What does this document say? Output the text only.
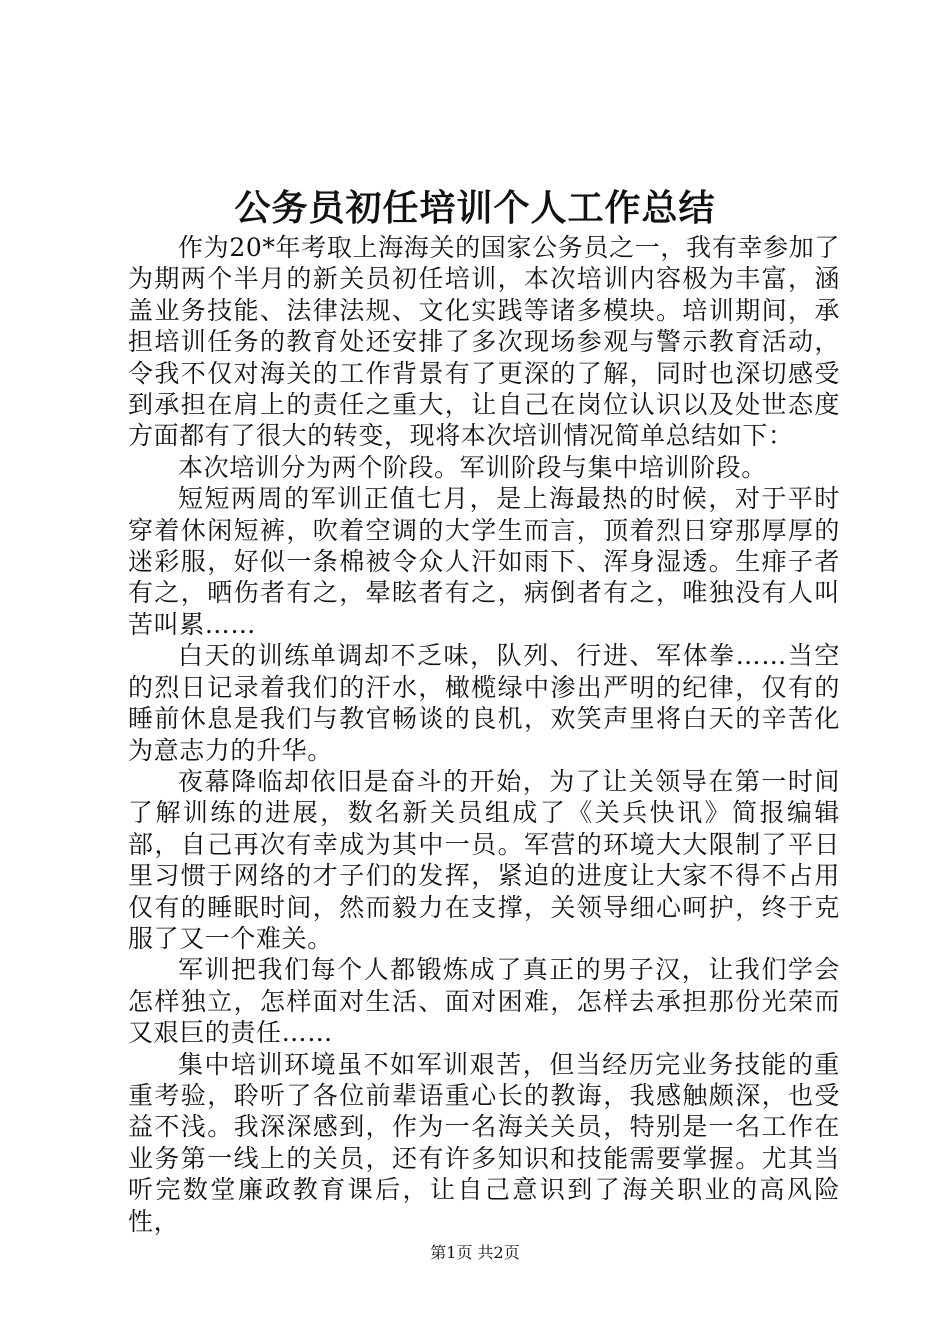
公务员初任培训个人工作总结

作为20*年考取上海海关的国家公务员之一，我有幸参加了为期两个半月的新关员初任培训，本次培训内容极为丰富，涵盖业务技能、法律法规、文化实践等诸多模块。培训期间，承担培训任务的教育处还安排了多次现场参观与警示教育活动，令我不仅对海关的工作背景有了更深的了解，同时也深切感受到承担在肩上的责任之重大，让自己在岗位认识以及处世态度方面都有了很大的转变，现将本次培训情况简单总结如下：

本次培训分为两个阶段。军训阶段与集中培训阶段。

短短两周的军训正值七月，是上海最热的时候，对于平时穿着休闲短裤，吹着空调的大学生而言，顶着烈日穿那厚厚的迷彩服，好似一条棉被令众人汗如雨下、浑身湿透。生痱子者有之，晒伤者有之，晕眩者有之，病倒者有之，唯独没有人叫苦叫累……

白天的训练单调却不乏味，队列、行进、军体拳……当空的烈日记录着我们的汗水，橄榄绿中渗出严明的纪律，仅有的睡前休息是我们与教官畅谈的良机，欢笑声里将白天的辛苦化为意志力的升华。

夜幕降临却依旧是奋斗的开始，为了让关领导在第一时间了解训练的进展，数名新关员组成了《关兵快讯》简报编辑部，自己再次有幸成为其中一员。军营的环境大大限制了平日里习惯于网络的才子们的发挥，紧迫的进度让大家不得不占用仅有的睡眠时间，然而毅力在支撑，关领导细心呵护，终于克服了又一个难关。

军训把我们每个人都锻炼成了真正的男子汉，让我们学会怎样独立，怎样面对生活、面对困难，怎样去承担那份光荣而又艰巨的责任……

集中培训环境虽不如军训艰苦，但当经历完业务技能的重重考验，聆听了各位前辈语重心长的教诲，我感触颇深，也受益不浅。我深深感到，作为一名海关关员，特别是一名工作在业务第一线上的关员，还有许多知识和技能需要掌握。尤其当听完数堂廉政教育课后，让自己意识到了海关职业的高风险性，

第1页 共2页
